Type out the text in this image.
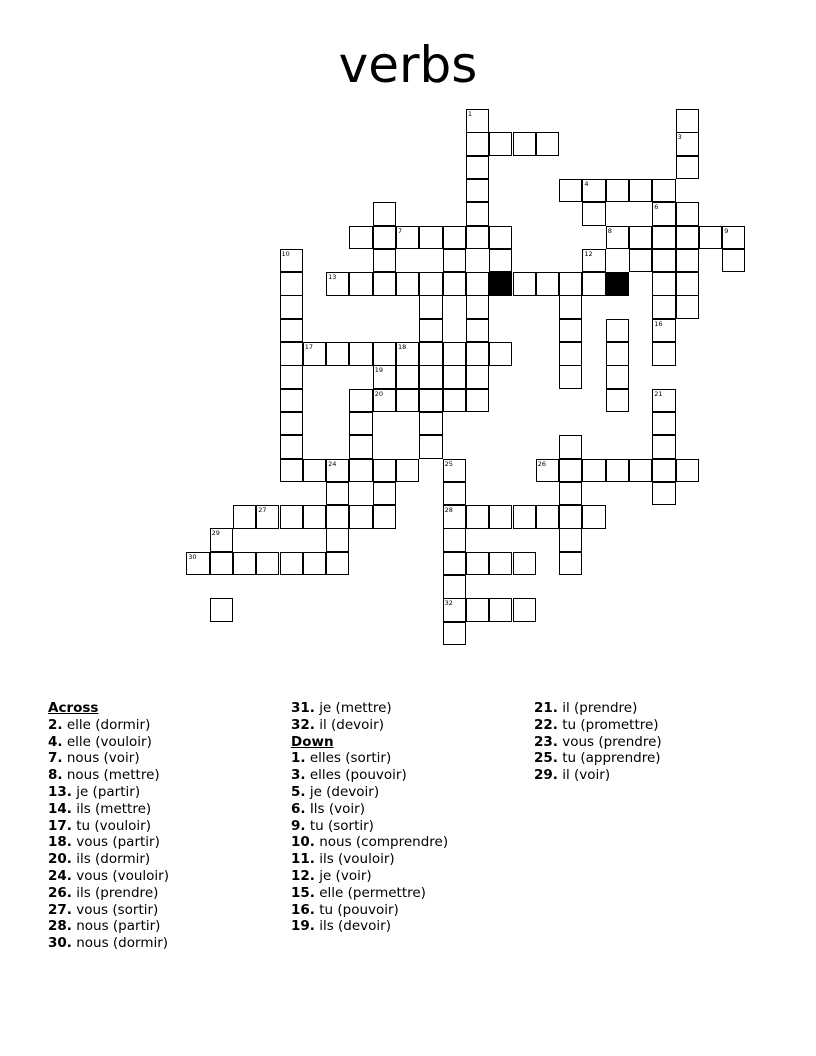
verbs
1
3
4
6
7	8	9
10	12
13	14
16
17	18
19
20	21
24	25	26
27	28
29
30
32
Across
2. elle (dormir)
4. elle (vouloir)
7. nous (voir)
8. nous (mettre)
13. je (partir)
14. ils (mettre)
17. tu (vouloir)
18. vous (partir)
20. ils (dormir)
24. vous (vouloir)
26. ils (prendre)
27. vous (sortir)
28. nous (partir)
30. nous (dormir)
31. je (mettre)
32. il (devoir)
Down
1. elles (sortir)
3. elles (pouvoir)
5. je (devoir)
6. Ils (voir)
9. tu (sortir)
10. nous (comprendre)
11. ils (vouloir)
12. je (voir)
15. elle (permettre)
16. tu (pouvoir)
19. ils (devoir)
21. il (prendre)
22. tu (promettre)
23. vous (prendre)
25. tu (apprendre)
29. il (voir)
